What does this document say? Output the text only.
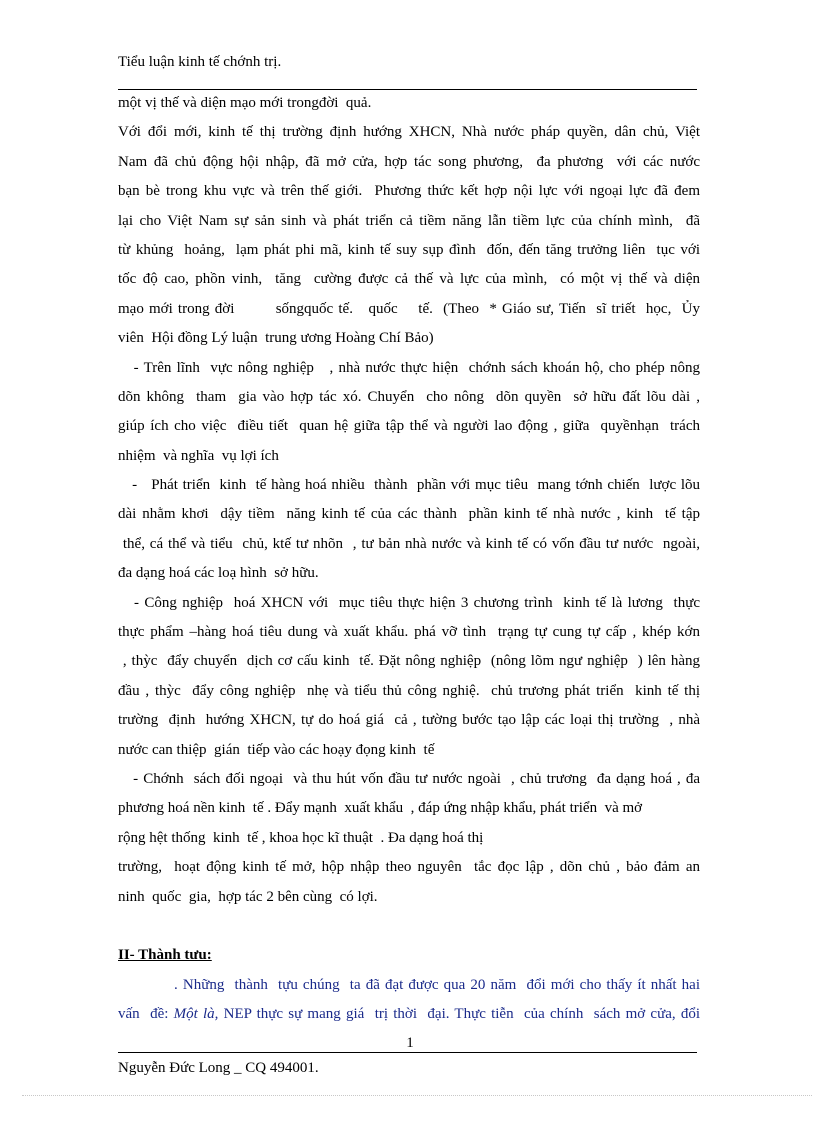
Tiểu luận kinh tế chớnh trị.
một vị thế và diện mạo mới trongđời  quả.
Với đổi mới, kinh tế thị trường định hướng XHCN, Nhà nước pháp quyền, dân chủ, Việt
Nam đã chủ động hội nhập, đã mở cửa, hợp tác song phương,  đa phương  với các nước
bạn bè trong khu vực và trên thế giới.  Phương thức kết hợp nội lực với ngoại lực đã đem
lại cho Việt Nam sự sản sinh và phát triển cả tiềm năng lẫn tiềm lực của chính mình,  đã
từ khủng  hoảng,  lạm phát phi mã, kinh tế suy sụp đình  đốn, đến tăng trưởng liên  tục với
tốc độ cao, phồn vinh,  tăng  cường được cả thế và lực của mình,  có một vị thế và diện
mạo mới trong đời        sốngquốc tế.   quốc    tế.  (Theo  * Giáo sư, Tiến  sĩ triết  học,  Ủy
viên  Hội đồng Lý luận  trung ương Hoàng Chí Bảo)
- Trên lĩnh  vực nông nghiệp   , nhà nước thực hiện  chớnh sách khoán hộ, cho phép nông
dõn không  tham  gia vào hợp tác xó. Chuyển  cho nông  dõn quyền  sở hữu đất lõu dài ,
giúp ích cho việc  điều tiết  quan hệ giữa tập thể và người lao động , giữa  quyềnhạn  trách
nhiệm  và nghĩa  vụ lợi ích
-   Phát triển  kinh  tế hàng hoá nhiều  thành  phần với mục tiêu  mang tớnh chiến  lược lõu
dài nhằm khơi  dậy tiềm  năng kinh tế của các thành  phần kinh tế nhà nước , kinh  tế tập
thể, cá thể và tiểu  chủ, ktế tư nhõn  , tư bản nhà nước và kinh tế có vốn đầu tư nước  ngoài,
đa dạng hoá các loạ hình  sở hữu.
- Công nghiệp  hoá XHCN với  mục tiêu thực hiện 3 chương trình  kinh tế là lương  thực
thực phẩm –hàng hoá tiêu dung và xuất khẩu. phá vỡ tình  trạng tự cung tự cấp , khép kớn
, thỳc  đẩy chuyển  dịch cơ cấu kinh  tế. Đặt nông nghiệp  (nông lõm ngư nghiệp  ) lên hàng
đầu , thỳc  đẩy công nghiệp  nhẹ và tiểu thủ công nghiệ.  chủ trương phát triển  kinh tế thị
trường  định  hướng XHCN, tự do hoá giá  cả , tường bước tạo lập các loại thị trường  , nhà
nước can thiệp  gián  tiếp vào các hoạy đọng kinh  tế
- Chớnh  sách đối ngoại  và thu hút vốn đầu tư nước ngoài  , chủ trương  đa dạng hoá , đa
phương hoá nền kinh  tế . Đẩy mạnh  xuất khẩu  , đáp ứng nhập khẩu, phát triển  và mở
rộng hệt thống  kinh  tế , khoa học kĩ thuật  . Đa dạng hoá thị
trường,  hoạt động kinh tế mở, hộp nhập theo nguyên  tắc đọc lập , dõn chủ , bảo đảm an
ninh  quốc  gia,  hợp tác 2 bên cùng  có lợi.
II- Thành tưu:
. Những  thành  tựu chúng  ta đã đạt được qua 20 năm  đổi mới cho thấy ít nhất hai
vấn  đề: Một là, NEP thực sự mang giá  trị thời  đại. Thực tiễn  của chính  sách mở cửa, đổi
1
Nguyễn Đức Long _ CQ 494001.
